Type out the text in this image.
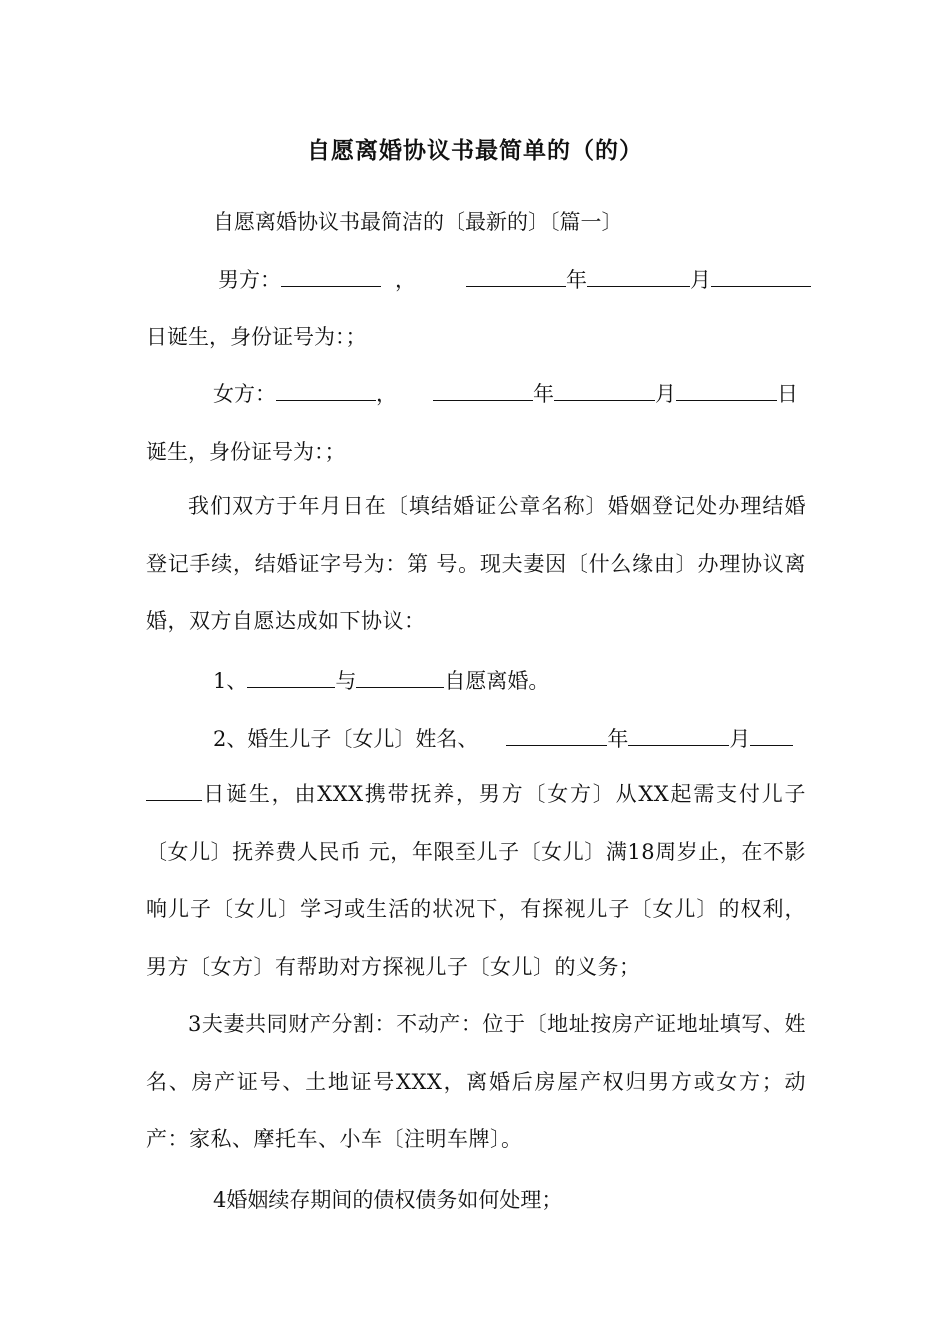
自愿离婚协议书最简单的（的）
自愿离婚协议书最简洁的〔最新的〕〔篇一〕
男方：	，	年	月
日诞生，身份证号为：；
女方：	，	年	月	日
诞生，身份证号为：；
我们双方于年月日在〔填结婚证公章名称〕婚姻登记处办理结婚登记手续，结婚证字号为：第 号。现夫妻因〔什么缘由〕办理协议离婚，双方自愿达成如下协议：
1、	与	自愿离婚。
2、婚生儿子〔女儿〕姓名、	年	月
日诞生，由XXX携带抚养，男方〔女方〕从XX起需支付儿子〔女儿〕抚养费人民币 元，年限至儿子〔女儿〕满18周岁止，在不影响儿子〔女儿〕学习或生活的状况下，有探视儿子〔女儿〕的权利，男方〔女方〕有帮助对方探视儿子〔女儿〕的义务；
3夫妻共同财产分割：不动产：位于〔地址按房产证地址填写、姓名、房产证号、土地证号XXX，离婚后房屋产权归男方或女方；动产：家私、摩托车、小车〔注明车牌〕。
4婚姻续存期间的债权债务如何处理；
